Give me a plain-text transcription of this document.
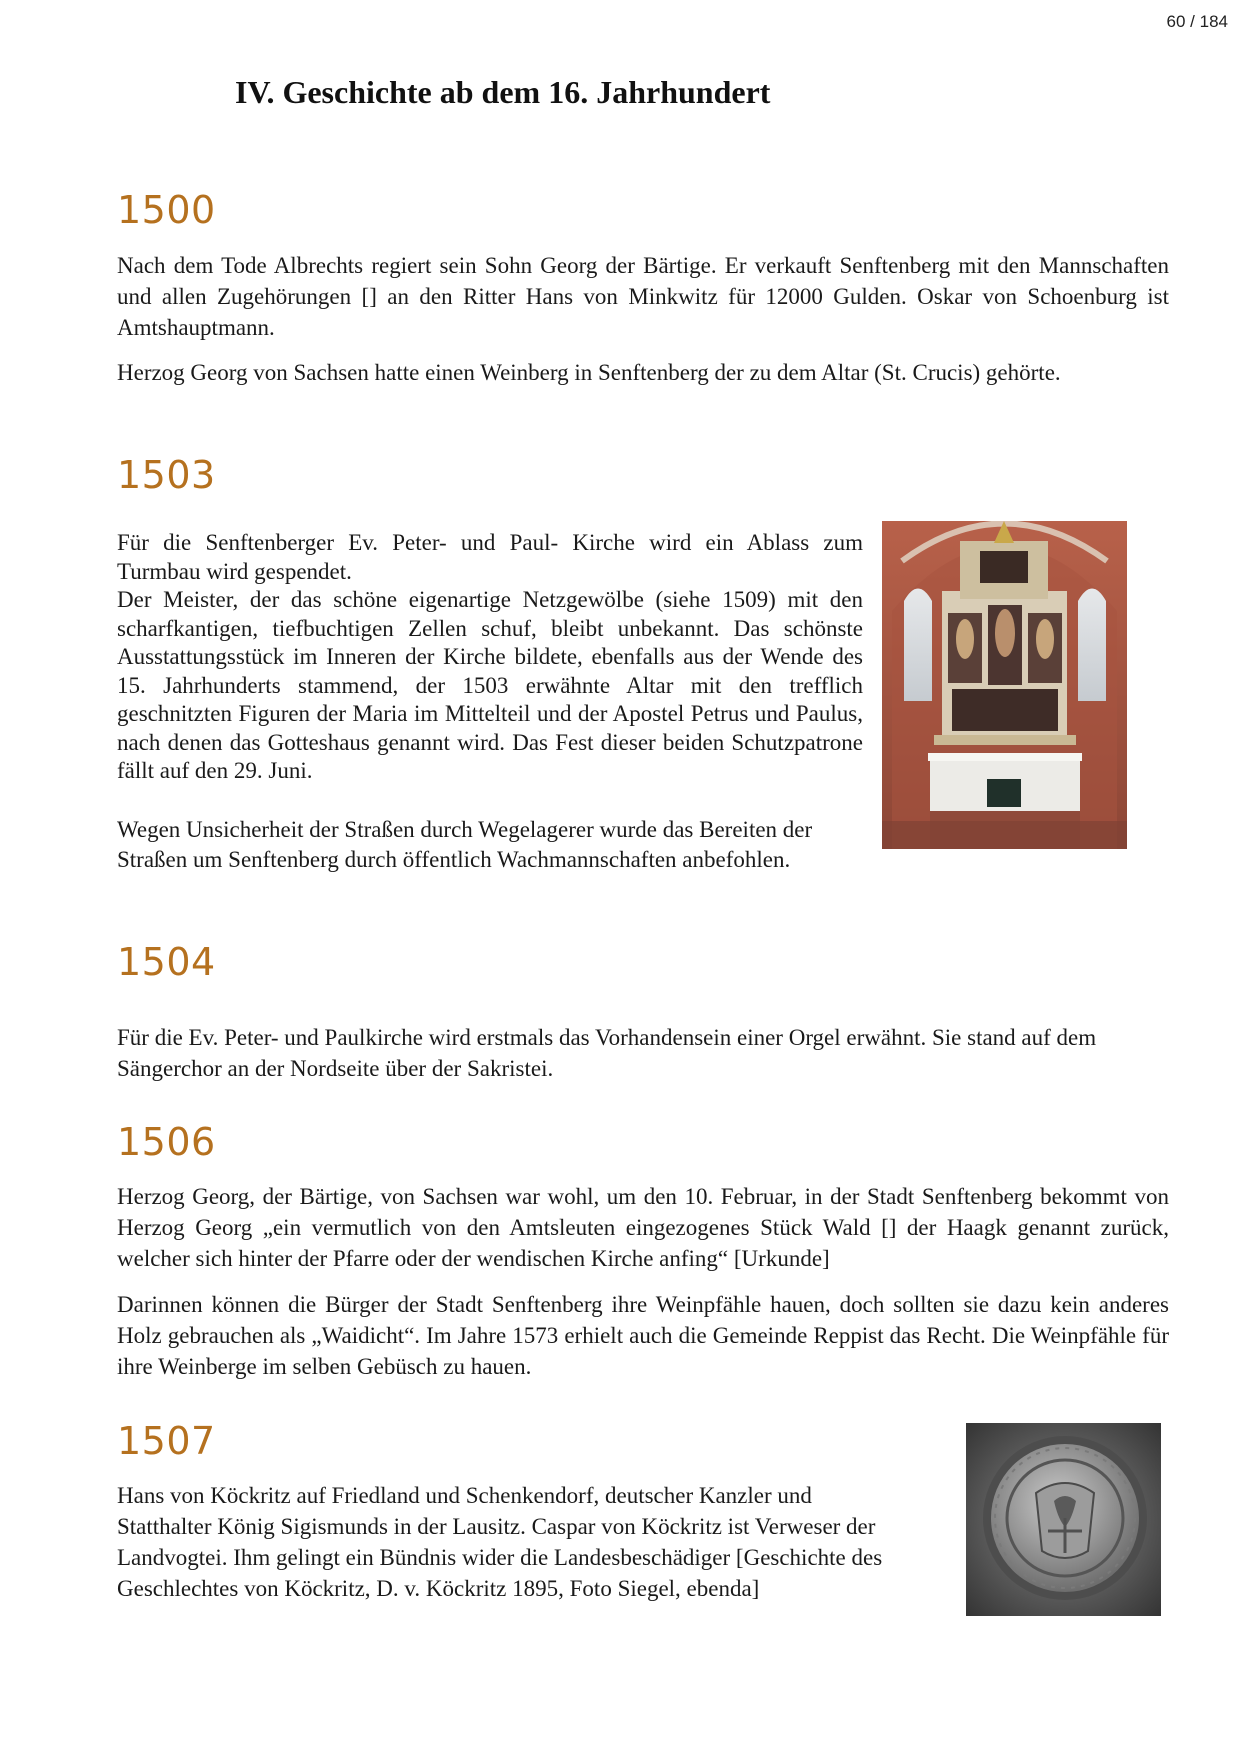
60 / 184
IV. Geschichte ab dem 16. Jahrhundert
1500

Nach dem Tode Albrechts regiert sein Sohn Georg der Bärtige. Er verkauft Senftenberg mit den Mannschaften und allen Zugehörungen [] an den Ritter Hans von Minkwitz für 12000 Gulden. Oskar von Schoenburg ist Amtshauptmann.

Herzog Georg von Sachsen hatte einen Weinberg in Senftenberg der zu dem Altar (St. Crucis) gehörte.

1503
Für die Senftenberger Ev. Peter- und Paul- Kirche wird ein Ablass zum
Turmbau wird gespendet.
Der Meister, der das schöne eigenartige Netzgewölbe (siehe 1509) mit den scharfkantigen, tiefbuchtigen Zellen schuf, bleibt unbekannt. Das schönste Ausstattungsstück im Inneren der Kirche bildete, ebenfalls aus der Wende des 15. Jahrhunderts stammend, der 1503 erwähnte Altar mit den trefflich geschnitzten Figuren der Maria im Mittelteil und der Apostel Petrus und Paulus, nach denen das Gotteshaus genannt wird. Das Fest dieser beiden Schutzpatrone fällt auf den 29. Juni.

Wegen Unsicherheit der Straßen durch Wegelagerer wurde das Bereiten der Straßen um Senftenberg durch öffentlich Wachmannschaften anbefohlen.

1504

Für die Ev. Peter- und Paulkirche wird erstmals das Vorhandensein einer Orgel erwähnt. Sie stand auf dem Sängerchor an der Nordseite über der Sakristei.

1506

Herzog Georg, der Bärtige, von Sachsen war wohl, um den 10. Februar, in der Stadt Senftenberg bekommt von Herzog Georg „ein vermutlich von den Amtsleuten eingezogenes Stück Wald [] der Haagk genannt zurück, welcher sich hinter der Pfarre oder der wendischen Kirche anfing“ [Urkunde]

Darinnen können die Bürger der Stadt Senftenberg ihre Weinpfähle hauen, doch sollten sie dazu kein anderes Holz gebrauchen als „Waidicht“. Im Jahre 1573 erhielt auch die Gemeinde Reppist das Recht. Die Weinpfähle für ihre Weinberge im selben Gebüsch zu hauen.

1507
Hans von Köckritz auf Friedland und Schenkendorf, deutscher Kanzler und
Statthalter König Sigismunds in der Lausitz. Caspar von Köckritz ist Verweser der
Landvogtei. Ihm gelingt ein Bündnis wider die Landesbeschädiger [Geschichte des
Geschlechtes von Köckritz, D. v. Köckritz 1895, Foto Siegel, ebenda]
